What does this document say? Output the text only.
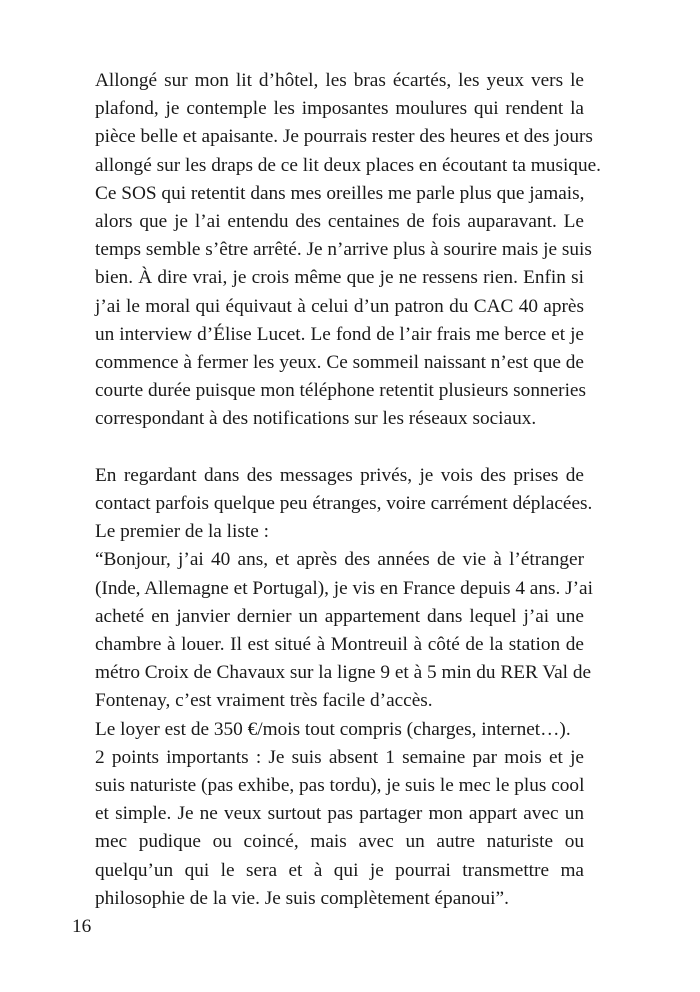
Allongé sur mon lit d’hôtel, les bras écartés, les yeux vers le
plafond, je contemple les imposantes moulures qui rendent la
pièce belle et apaisante. Je pourrais rester des heures et des jours
allongé sur les draps de ce lit deux places en écoutant ta musique.
Ce SOS qui retentit dans mes oreilles me parle plus que jamais,
alors que je l’ai entendu des centaines de fois auparavant. Le
temps semble s’être arrêté. Je n’arrive plus à sourire mais je suis
bien. À dire vrai, je crois même que je ne ressens rien. Enfin si
j’ai le moral qui équivaut à celui d’un patron du CAC 40 après
un interview d’Élise Lucet. Le fond de l’air frais me berce et je
commence à fermer les yeux. Ce sommeil naissant n’est que de
courte durée puisque mon téléphone retentit plusieurs sonneries
correspondant à des notifications sur les réseaux sociaux.

En regardant dans des messages privés, je vois des prises de
contact parfois quelque peu étranges, voire carrément déplacées.
Le premier de la liste :

“Bonjour, j’ai 40 ans, et après des années de vie à l’étranger
(Inde, Allemagne et Portugal), je vis en France depuis 4 ans. J’ai
acheté en janvier dernier un appartement dans lequel j’ai une
chambre à louer. Il est situé à Montreuil à côté de la station de
métro Croix de Chavaux sur la ligne 9 et à 5 min du RER Val de
Fontenay, c’est vraiment très facile d’accès.

Le loyer est de 350 €/mois tout compris (charges, internet…).

2 points importants : Je suis absent 1 semaine par mois et je
suis naturiste (pas exhibe, pas tordu), je suis le mec le plus cool
et simple. Je ne veux surtout pas partager mon appart avec un
mec pudique ou coincé, mais avec un autre naturiste ou
quelqu’un qui le sera et à qui je pourrai transmettre ma
philosophie de la vie. Je suis complètement épanoui”.

16
